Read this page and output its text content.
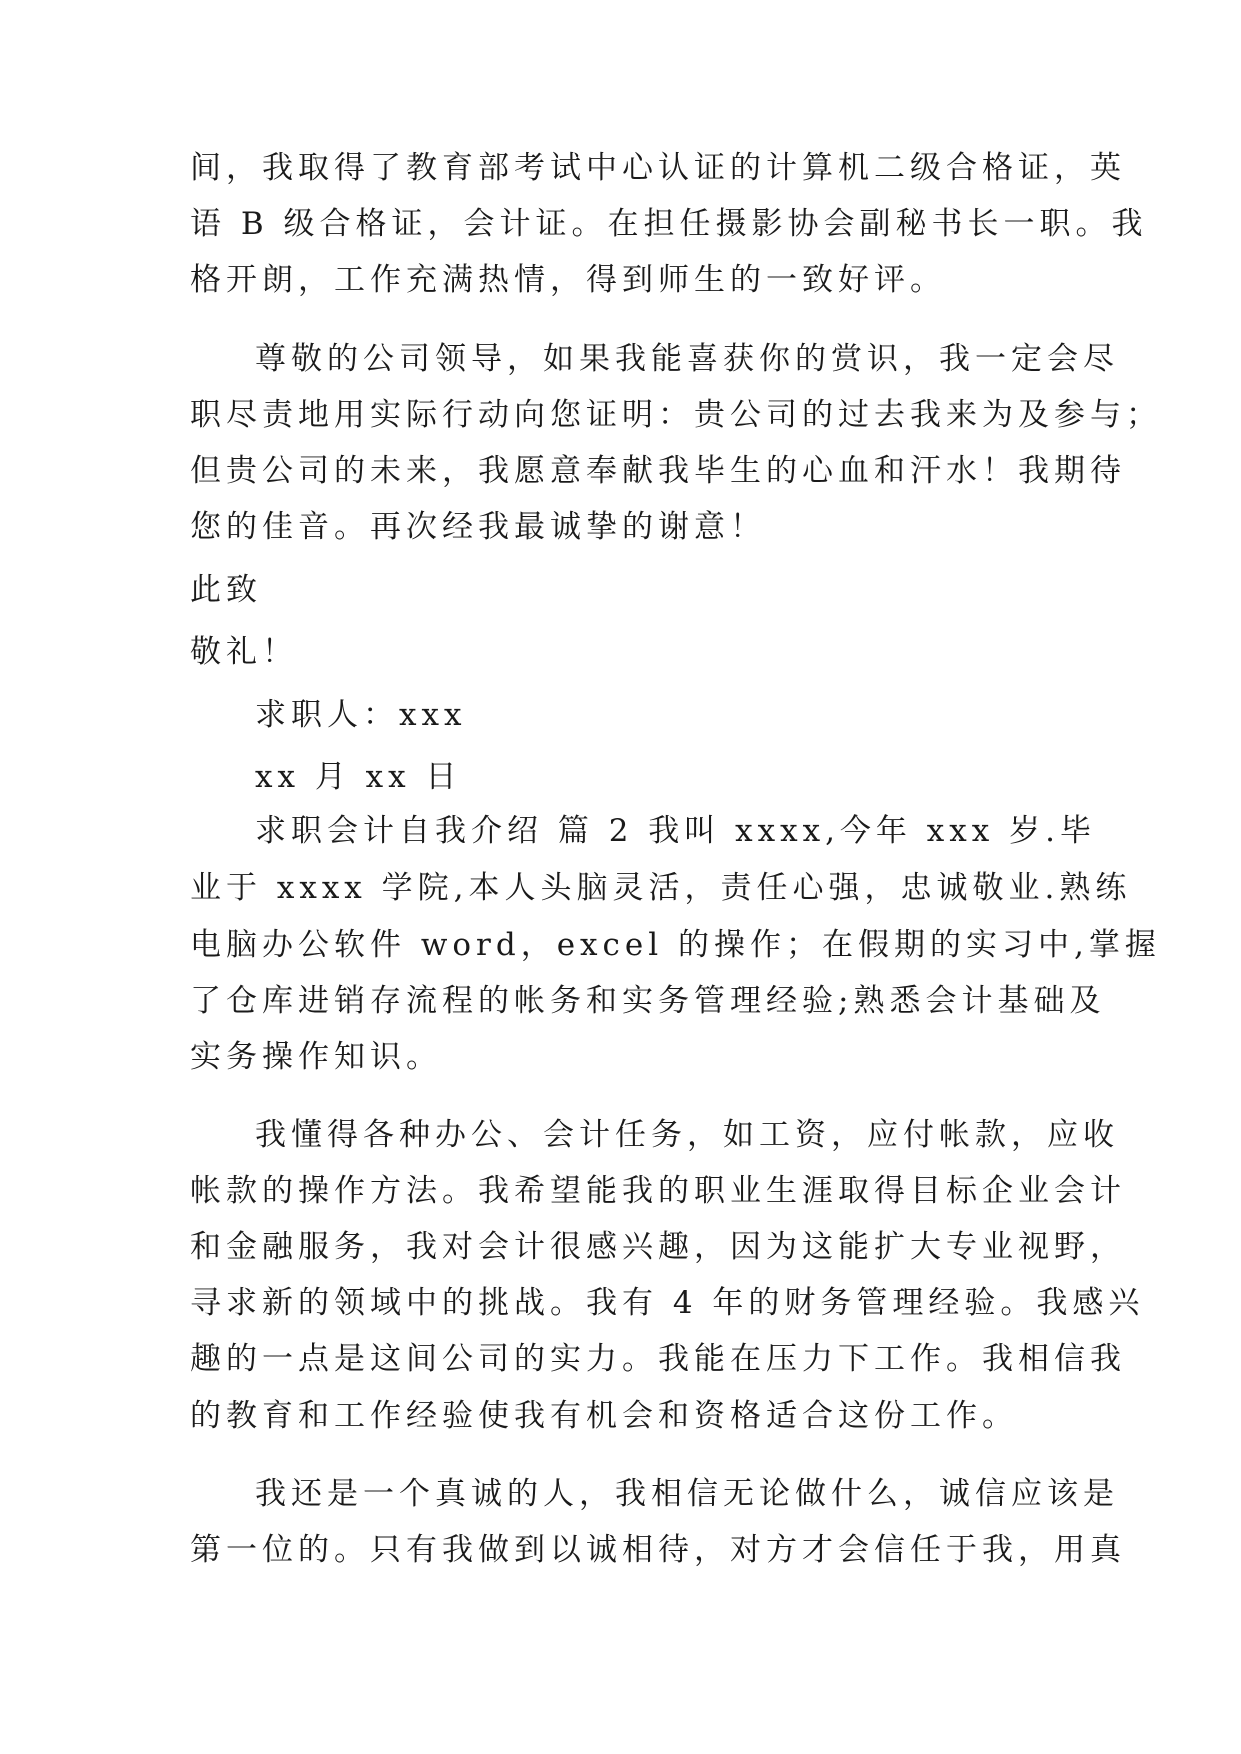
间，我取得了教育部考试中心认证的计算机二级合格证，英
语 B 级合格证，会计证。在担任摄影协会副秘书长一职。我
格开朗，工作充满热情，得到师生的一致好评。
尊敬的公司领导，如果我能喜获你的赏识，我一定会尽
职尽责地用实际行动向您证明：贵公司的过去我来为及参与；
但贵公司的未来，我愿意奉献我毕生的心血和汗水！我期待
您的佳音。再次经我最诚挚的谢意！
此致
敬礼！
求职人：xxx
xx 月 xx 日
求职会计自我介绍 篇 2 我叫 xxxx,今年 xxx 岁.毕
业于 xxxx 学院,本人头脑灵活，责任心强，忠诚敬业.熟练
电脑办公软件 word，excel 的操作；在假期的实习中,掌握
了仓库进销存流程的帐务和实务管理经验;熟悉会计基础及
实务操作知识。
我懂得各种办公、会计任务，如工资，应付帐款，应收
帐款的操作方法。我希望能我的职业生涯取得目标企业会计
和金融服务，我对会计很感兴趣，因为这能扩大专业视野，
寻求新的领域中的挑战。我有 4 年的财务管理经验。我感兴
趣的一点是这间公司的实力。我能在压力下工作。我相信我
的教育和工作经验使我有机会和资格适合这份工作。
我还是一个真诚的人，我相信无论做什么，诚信应该是
第一位的。只有我做到以诚相待，对方才会信任于我，用真
